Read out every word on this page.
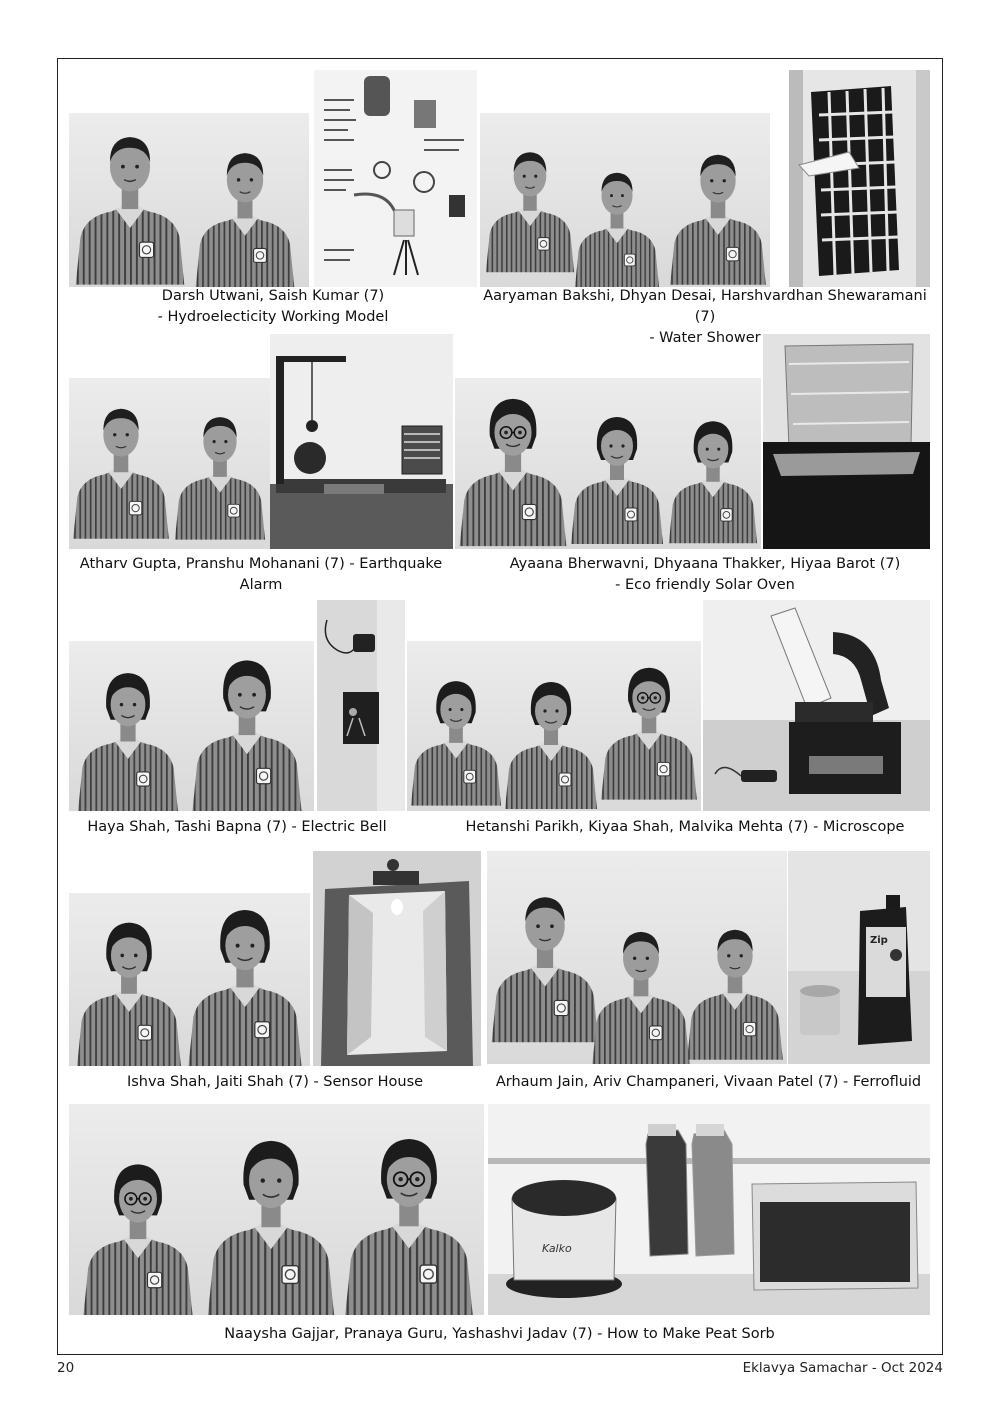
Darsh Utwani, Saish Kumar (7)
- Hydroelecticity Working Model
Aaryaman Bakshi, Dhyan Desai, Harshvardhan Shewaramani (7)
- Water Shower
Atharv Gupta, Pranshu Mohanani (7) - Earthquake
Alarm
Ayaana Bherwavni, Dhyaana Thakker, Hiyaa Barot (7)
- Eco friendly Solar Oven
Haya Shah, Tashi Bapna (7) - Electric Bell	Hetanshi Parikh, Kiyaa Shah, Malvika Mehta (7) - Microscope
Ishva Shah, Jaiti Shah (7) - Sensor House
Zip
Arhaum Jain, Ariv Champaneri, Vivaan Patel (7) - Ferrofluid
Kalko
Naaysha Gajjar, Pranaya Guru, Yashashvi Jadav (7) - How to Make Peat Sorb
20	Eklavya Samachar - Oct 2024
